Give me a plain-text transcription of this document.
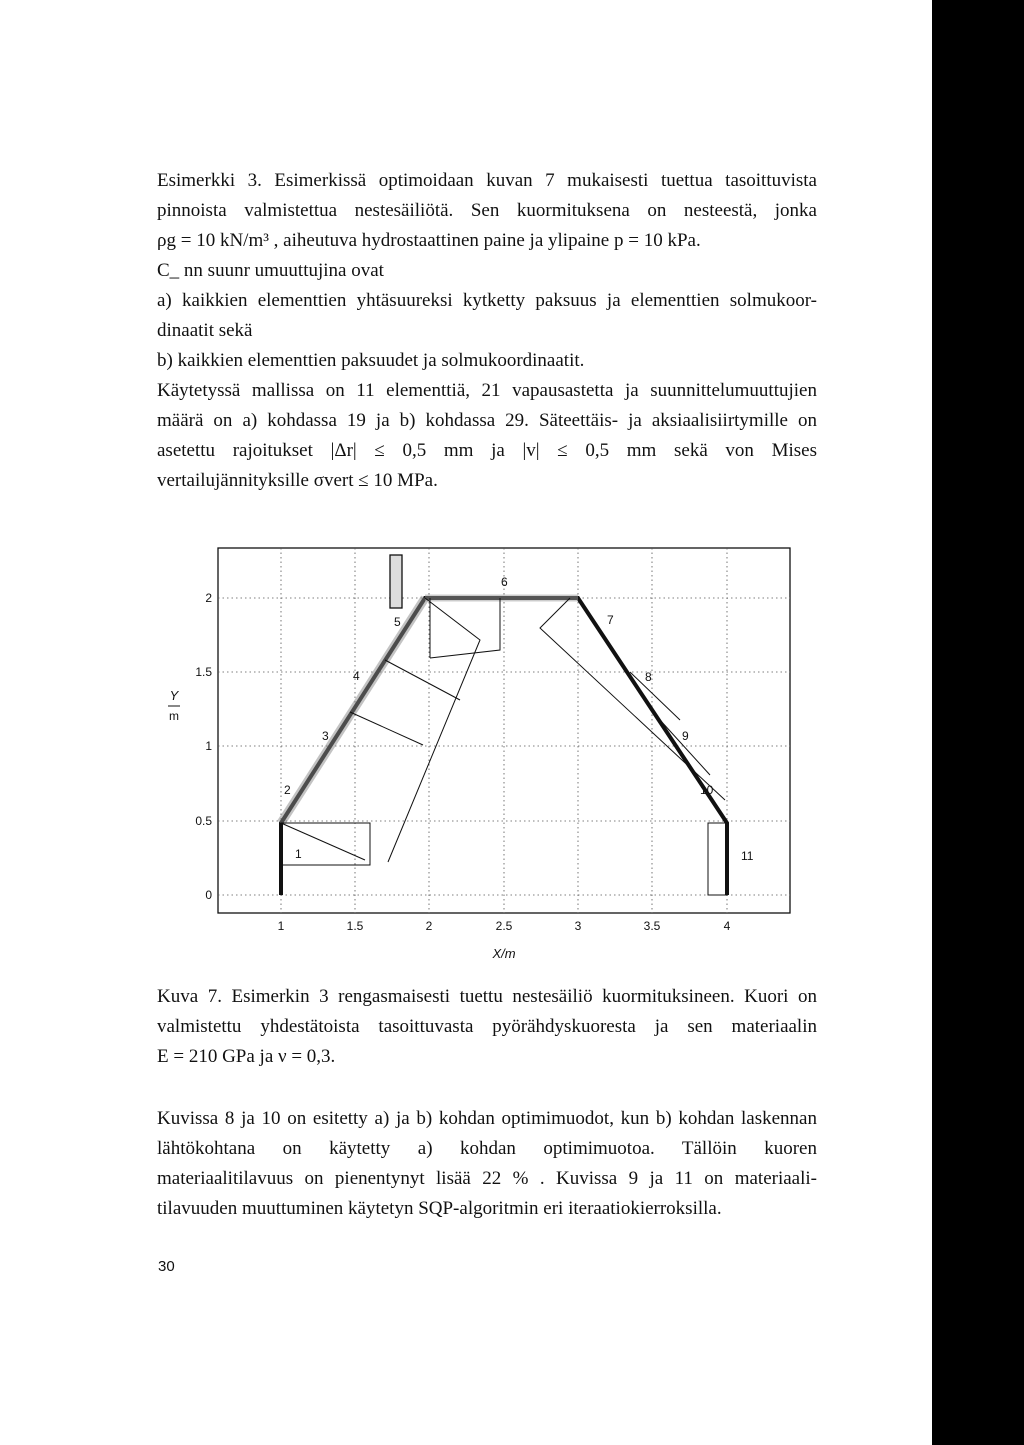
Esimerkki 3. Esimerkissä optimoidaan kuvan 7 mukaisesti tuettua tasoittuvista
pinnoista valmistettua nestesäiliötä. Sen kuormituksena on nesteestä, jonka
ρg = 10 kN/m³ , aiheutuva hydrostaattinen paine ja ylipaine p = 10 kPa.
C_ nn suunr umuuttujina ovat
a) kaikkien elementtien yhtäsuureksi kytketty paksuus ja elementtien solmukoor-
dinaatit sekä
b) kaikkien elementtien paksuudet ja solmukoordinaatit.
Käytetyssä mallissa on 11 elementtiä, 21 vapausastetta ja suunnittelumuuttujien
määrä on a) kohdassa 19 ja b) kohdassa 29. Säteettäis- ja aksiaalisiirtymille on
asetettu rajoitukset |Δr| ≤ 0,5 mm ja |v| ≤ 0,5 mm sekä von Mises
vertailujännityksille σvert ≤ 10 MPa.
1
2
3
4
5
6
7
8
9
10
11
0
0.5
1
1.5
2
1	1.5	2	2.5	3	3.5	4
X/m
Y
m
Kuva 7. Esimerkin 3 rengasmaisesti tuettu nestesäiliö kuormituksineen. Kuori on
valmistettu yhdestätoista tasoittuvasta pyörähdyskuoresta ja sen materiaalin
E = 210 GPa ja ν = 0,3.
Kuvissa 8 ja 10 on esitetty a) ja b) kohdan optimimuodot, kun b) kohdan laskennan
lähtökohtana on käytetty a) kohdan optimimuotoa. Tällöin kuoren
materiaalitilavuus on pienentynyt lisää 22 % . Kuvissa 9 ja 11 on materiaali-
tilavuuden muuttuminen käytetyn SQP-algoritmin eri iteraatiokierroksilla.
30
